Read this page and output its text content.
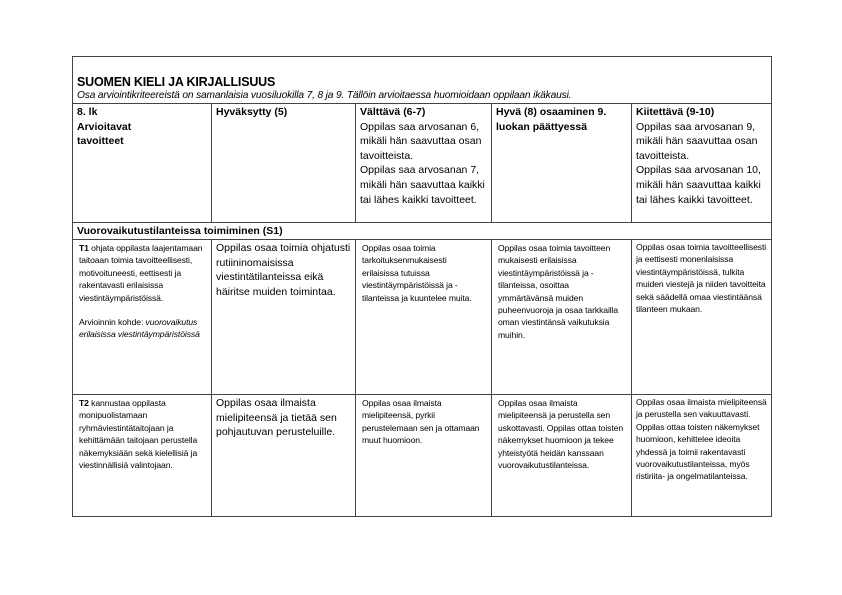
SUOMEN KIELI JA KIRJALLISUUS
Osa arviointikriteereistä on samanlaisia vuosiluokilla 7, 8 ja 9. Tällöin arvioitaessa huomioidaan oppilaan ikäkausi.
8. lk
Arvioitavat
tavoitteet
Hyväksytty (5)	Välttävä (6-7)
Oppilas saa arvosanan 6, mikäli hän saavuttaa osan tavoitteista.
Oppilas saa arvosanan 7, mikäli hän saavuttaa kaikki tai lähes kaikki tavoitteet.
Hyvä (8) osaaminen 9. luokan päättyessä
Kiitettävä (9-10)
Oppilas saa arvosanan 9, mikäli hän saavuttaa osan tavoitteista.
Oppilas saa arvosanan 10, mikäli hän saavuttaa kaikki tai lähes kaikki tavoitteet.
Vuorovaikutustilanteissa toimiminen (S1)
T1 ohjata oppilasta laajentamaan taitoaan toimia tavoitteellisesti, motivoituneesti, eettisesti ja rakentavasti erilaisissa viestintäympäristöissä.
Arvioinnin kohde: vuorovaikutus erilaisissa viestintäympäristöissä
Oppilas osaa toimia ohjatusti rutiininomaisissa viestintätilanteissa eikä häiritse muiden toimintaa.
Oppilas osaa toimia tarkoituksenmukaisesti erilaisissa tutuissa viestintäympäristöissä ja -tilanteissa ja kuuntelee muita.
Oppilas osaa toimia tavoitteen mukaisesti erilaisissa viestintäympäristöissä ja -tilanteissa, osoittaa ymmärtävänsä muiden puheenvuoroja ja osaa tarkkailla oman viestintänsä vaikutuksia muihin.
Oppilas osaa toimia tavoitteellisesti ja eettisesti monenlaisissa viestintäympäristöissä, tulkita muiden viestejä ja niiden tavoitteita sekä säädellä omaa viestintäänsä tilanteen mukaan.
T2 kannustaa oppilasta monipuolistamaan ryhmäviestintätaitojaan ja kehittämään taitojaan perustella näkemyksiään sekä kielellisiä ja viestinnällisiä valintojaan.
Oppilas osaa ilmaista mielipiteensä ja tietää sen pohjautuvan perusteluille.
Oppilas osaa ilmaista mielipiteensä, pyrkii perustelemaan sen ja ottamaan muut huomioon.
Oppilas osaa ilmaista mielipiteensä ja perustella sen uskottavasti. Oppilas ottaa toisten näkemykset huomioon ja tekee yhteistyötä heidän kanssaan vuorovaikutustilanteissa.
Oppilas osaa ilmaista mielipiteensä ja perustella sen vakuuttavasti. Oppilas ottaa toisten näkemykset huomioon, kehittelee ideoita yhdessä ja toimii rakentavasti vuorovaikutustilanteissa, myös ristiriita- ja ongelmatilanteissa.
